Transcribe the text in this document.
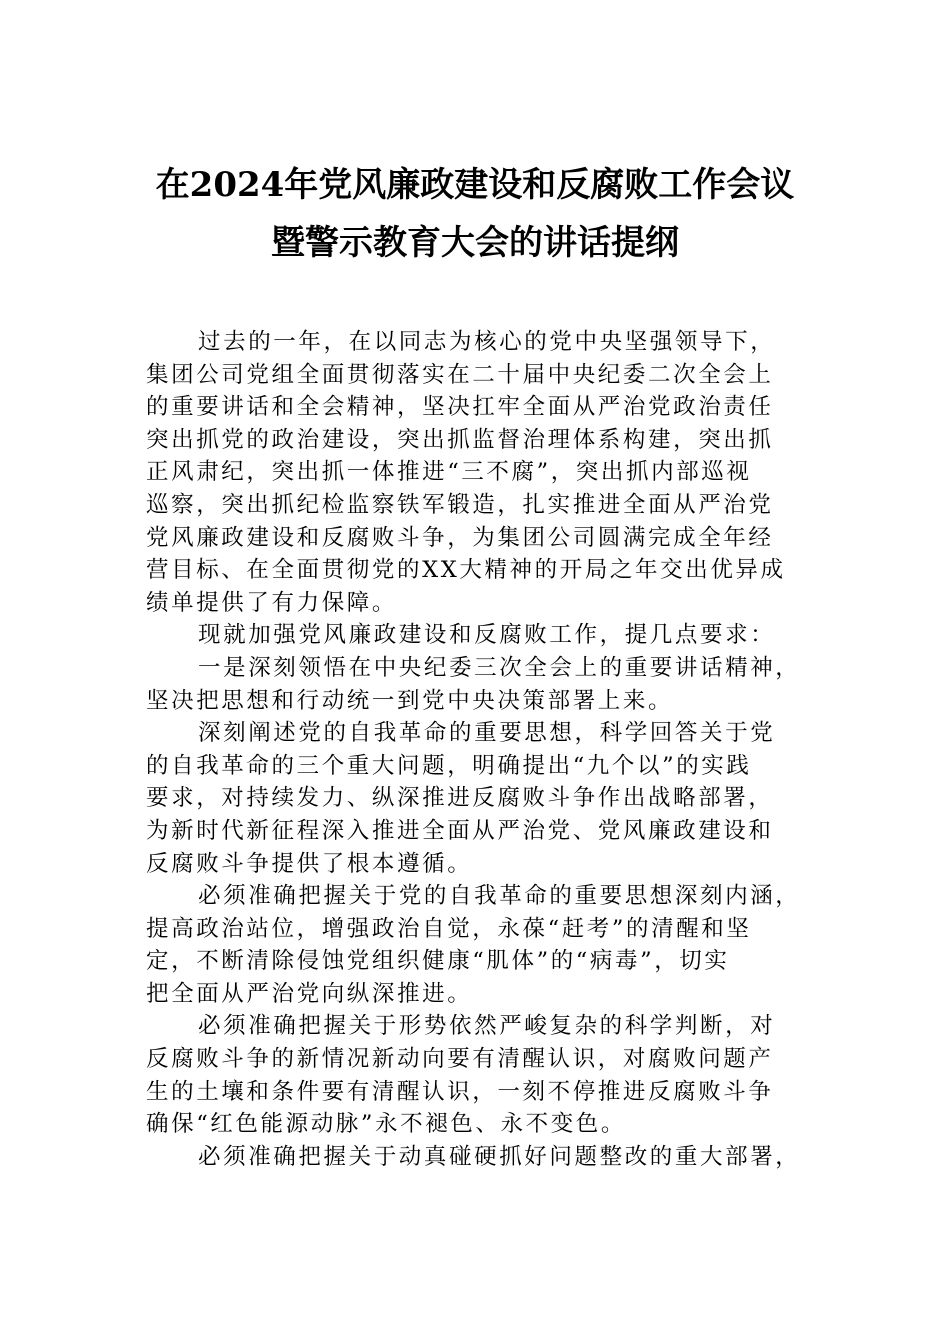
在2024年党风廉政建设和反腐败工作会议
暨警示教育大会的讲话提纲
过去的一年，在以同志为核心的党中央坚强领导下，
集团公司党组全面贯彻落实在二十届中央纪委二次全会上
的重要讲话和全会精神，坚决扛牢全面从严治党政治责任
突出抓党的政治建设，突出抓监督治理体系构建，突出抓
正风肃纪，突出抓一体推进“三不腐”，突出抓内部巡视
巡察，突出抓纪检监察铁军锻造，扎实推进全面从严治党
党风廉政建设和反腐败斗争，为集团公司圆满完成全年经
营目标、在全面贯彻党的XX大精神的开局之年交出优异成
绩单提供了有力保障。
现就加强党风廉政建设和反腐败工作，提几点要求：
一是深刻领悟在中央纪委三次全会上的重要讲话精神，
坚决把思想和行动统一到党中央决策部署上来。
深刻阐述党的自我革命的重要思想，科学回答关于党
的自我革命的三个重大问题，明确提出“九个以”的实践
要求，对持续发力、纵深推进反腐败斗争作出战略部署，
为新时代新征程深入推进全面从严治党、党风廉政建设和
反腐败斗争提供了根本遵循。
必须准确把握关于党的自我革命的重要思想深刻内涵，
提高政治站位，增强政治自觉，永葆“赶考”的清醒和坚
定，不断清除侵蚀党组织健康“肌体”的“病毒”，切实
把全面从严治党向纵深推进。
必须准确把握关于形势依然严峻复杂的科学判断，对
反腐败斗争的新情况新动向要有清醒认识，对腐败问题产
生的土壤和条件要有清醒认识，一刻不停推进反腐败斗争
确保“红色能源动脉”永不褪色、永不变色。
必须准确把握关于动真碰硬抓好问题整改的重大部署，
